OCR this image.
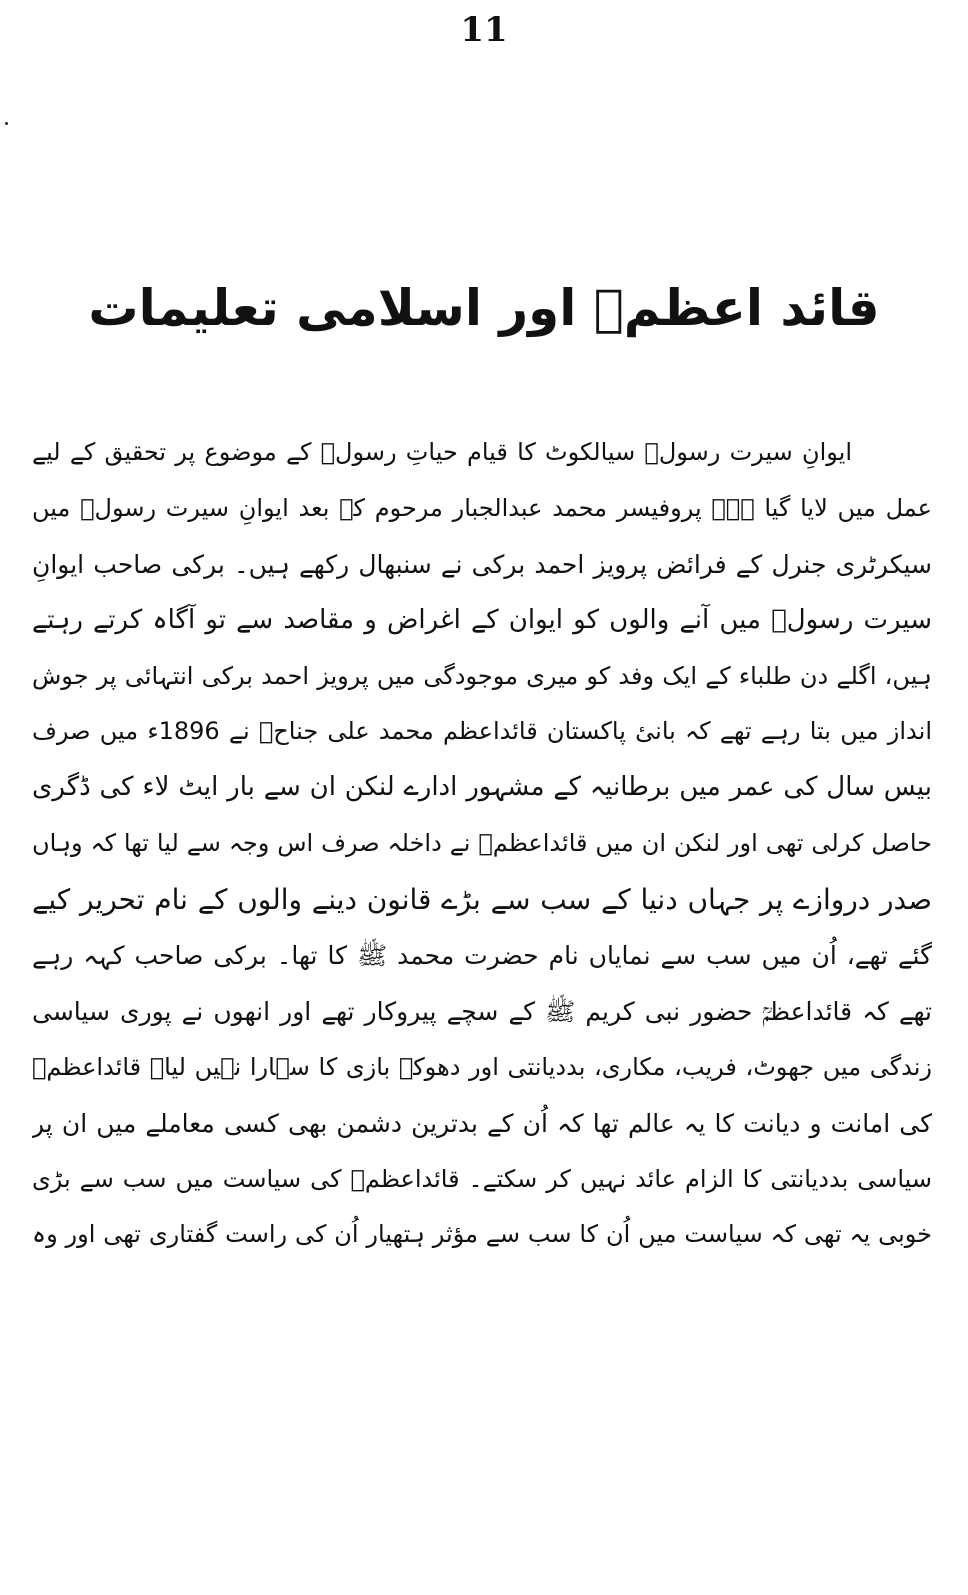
11
قائد اعظمؒ اور اسلامی تعلیمات
ایوانِ سیرت رسولؐ سیالکوٹ کا قیام حیاتِ رسولؐ کے موضوع پر تحقیق کے لیے
عمل میں لایا گیا ہے۔ پروفیسر محمد عبدالجبار مرحوم کے بعد ایوانِ سیرت رسولؐ میں
سیکرٹری جنرل کے فرائض پرویز احمد برکی نے سنبھال رکھے ہیں۔ برکی صاحب ایوانِ
سیرت رسولؐ میں آنے والوں کو ایوان کے اغراض و مقاصد سے تو آگاہ کرتے رہتے
ہیں، اگلے دن طلباء کے ایک وفد کو میری موجودگی میں پرویز احمد برکی انتہائی پر جوش
انداز میں بتا رہے تھے کہ بانیٔ پاکستان قائداعظم محمد علی جناحؒ نے 1896ء میں صرف
بیس سال کی عمر میں برطانیہ کے مشہور ادارے لنکن ان سے بار ایٹ لاء کی ڈگری
حاصل کرلی تھی اور لنکن ان میں قائداعظمؒ نے داخلہ صرف اس وجہ سے لیا تھا کہ وہاں
صدر دروازے پر جہاں دنیا کے سب سے بڑے قانون دینے والوں کے نام تحریر کیے
گئے تھے، اُن میں سب سے نمایاں نام حضرت محمد ﷺ کا تھا۔ برکی صاحب کہہ رہے
تھے کہ قائداعظمؒ حضور نبی کریم ﷺ کے سچے پیروکار تھے اور انھوں نے پوری سیاسی
زندگی میں جھوٹ، فریب، مکاری، بددیانتی اور دھوکہ بازی کا سہارا نہیں لیا۔ قائداعظمؒ
کی امانت و دیانت کا یہ عالم تھا کہ اُن کے بدترین دشمن بھی کسی معاملے میں ان پر
سیاسی بددیانتی کا الزام عائد نہیں کر سکتے۔ قائداعظمؒ کی سیاست میں سب سے بڑی
خوبی یہ تھی کہ سیاست میں اُن کا سب سے مؤثر ہتھیار اُن کی راست گفتاری تھی اور وہ
